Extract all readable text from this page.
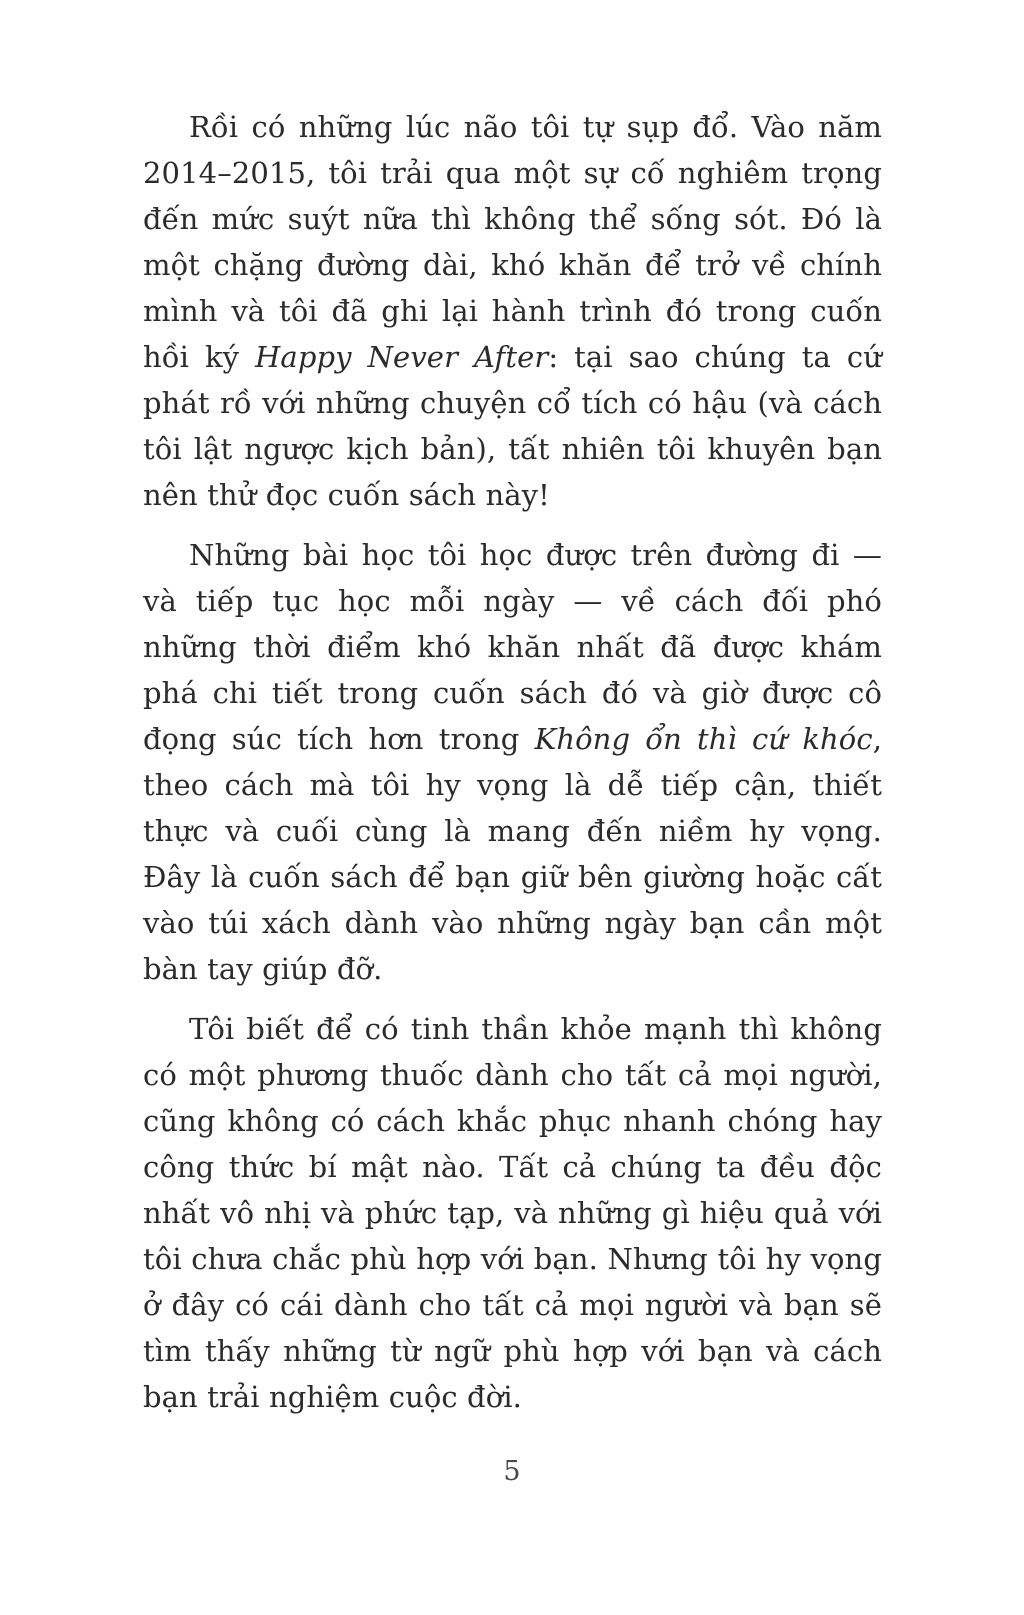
Rồi có những lúc não tôi tự sụp đổ. Vào năm 2014–2015, tôi trải qua một sự cố nghiêm trọng đến mức suýt nữa thì không thể sống sót. Đó là một chặng đường dài, khó khăn để trở về chính mình và tôi đã ghi lại hành trình đó trong cuốn hồi ký Happy Never After: tại sao chúng ta cứ phát rồ với những chuyện cổ tích có hậu (và cách tôi lật ngược kịch bản), tất nhiên tôi khuyên bạn nên thử đọc cuốn sách này!

Những bài học tôi học được trên đường đi — và tiếp tục học mỗi ngày — về cách đối phó những thời điểm khó khăn nhất đã được khám phá chi tiết trong cuốn sách đó và giờ được cô đọng súc tích hơn trong Không ổn thì cứ khóc, theo cách mà tôi hy vọng là dễ tiếp cận, thiết thực và cuối cùng là mang đến niềm hy vọng. Đây là cuốn sách để bạn giữ bên giường hoặc cất vào túi xách dành vào những ngày bạn cần một bàn tay giúp đỡ.

Tôi biết để có tinh thần khỏe mạnh thì không có một phương thuốc dành cho tất cả mọi người, cũng không có cách khắc phục nhanh chóng hay công thức bí mật nào. Tất cả chúng ta đều độc nhất vô nhị và phức tạp, và những gì hiệu quả với tôi chưa chắc phù hợp với bạn. Nhưng tôi hy vọng ở đây có cái dành cho tất cả mọi người và bạn sẽ tìm thấy những từ ngữ phù hợp với bạn và cách bạn trải nghiệm cuộc đời.

5
